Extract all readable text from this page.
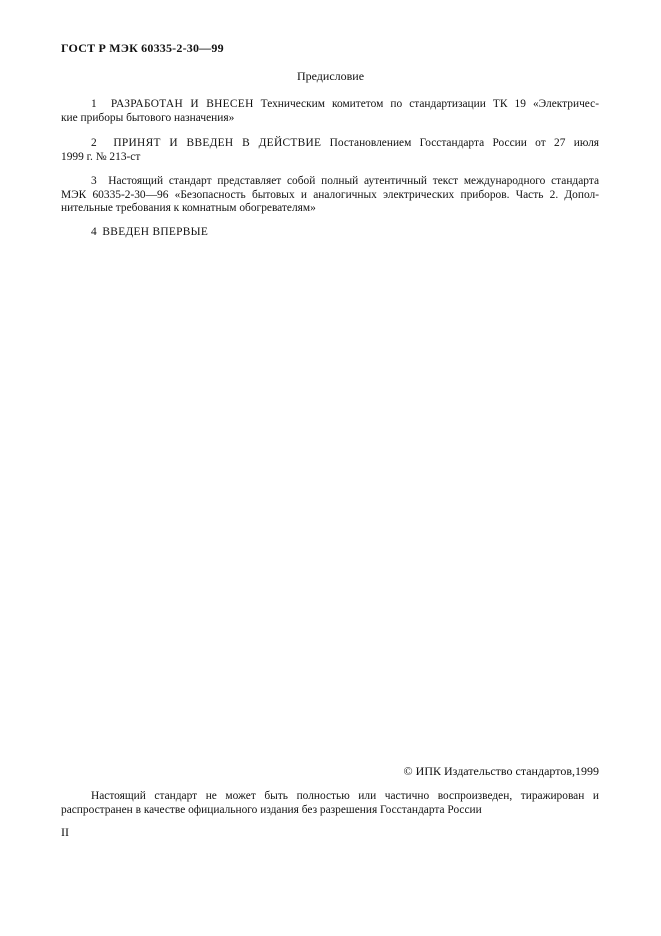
ГОСТ Р МЭК 60335-2-30—99
Предисловие
1 РАЗРАБОТАН И ВНЕСЕН Техническим комитетом по стандартизации ТК 19 «Электричес-
кие приборы бытового назначения»
2 ПРИНЯТ И ВВЕДЕН В ДЕЙСТВИЕ Постановлением Госстандарта России от 27 июля
1999 г. № 213-ст
3 Настоящий стандарт представляет собой полный аутентичный текст международного стандарта
МЭК 60335-2-30—96 «Безопасность бытовых и аналогичных электрических приборов. Часть 2. Допол-
нительные требования к комнатным обогревателям»
4 ВВЕДЕН ВПЕРВЫЕ
© ИПК Издательство стандартов,1999
Настоящий стандарт не может быть полностью или частично воспроизведен, тиражирован и
распространен в качестве официального издания без разрешения Госстандарта России
II
